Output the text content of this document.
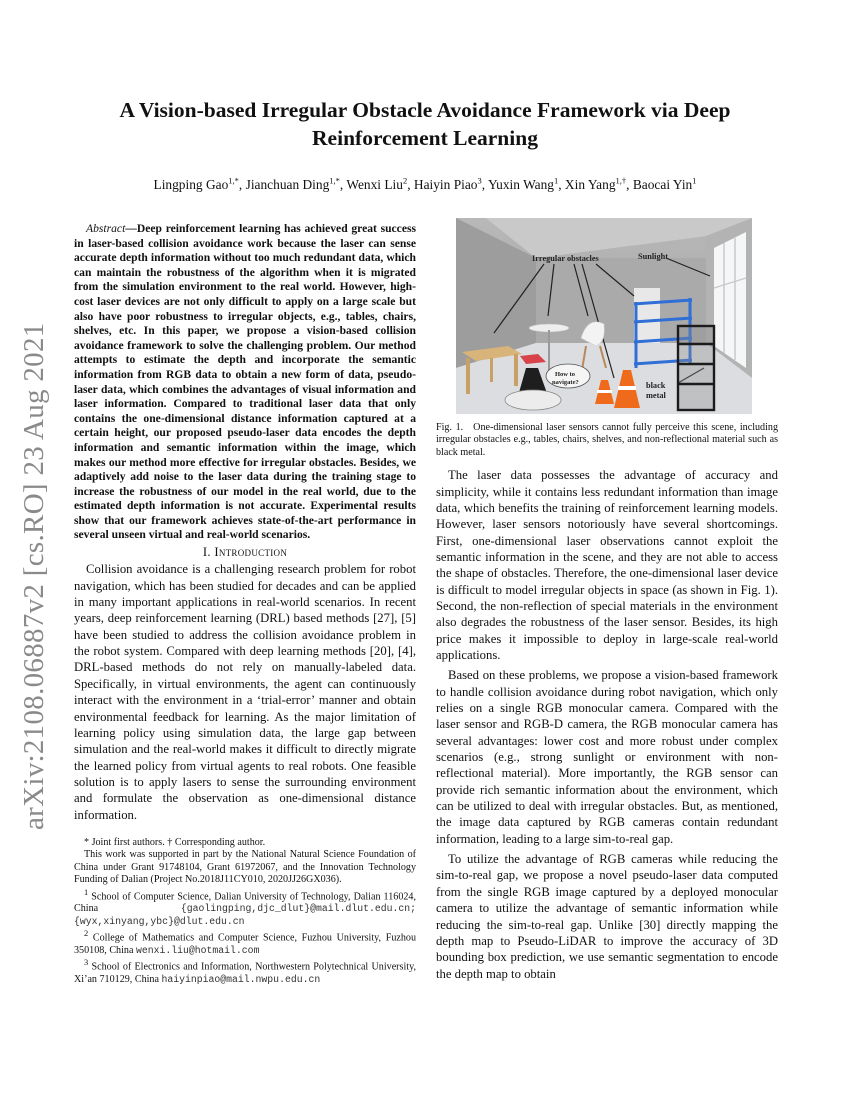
arXiv:2108.06887v2 [cs.RO] 23 Aug 2021
A Vision-based Irregular Obstacle Avoidance Framework via Deep Reinforcement Learning
Lingping Gao$^{1,*}$, Jianchuan Ding$^{1,*}$, Wenxi Liu$^2$, Haiyin Piao$^3$, Yuxin Wang$^1$, Xin Yang$^{1,\dagger}$, Baocai Yin$^1$

Abstract—Deep reinforcement learning has achieved great success in laser-based collision avoidance work because the laser can sense accurate depth information without too much redundant data, which can maintain the robustness of the algorithm when it is migrated from the simulation environment to the real world. However, high-cost laser devices are not only difficult to apply on a large scale but also have poor robustness to irregular objects, e.g., tables, chairs, shelves, etc. In this paper, we propose a vision-based collision avoidance framework to solve the challenging problem. Our method attempts to estimate the depth and incorporate the semantic information from RGB data to obtain a new form of data, pseudo-laser data, which combines the advantages of visual information and laser information. Compared to traditional laser data that only contains the one-dimensional distance information captured at a certain height, our proposed pseudo-laser data encodes the depth information and semantic information within the image, which makes our method more effective for irregular obstacles. Besides, we adaptively add noise to the laser data during the training stage to increase the robustness of our model in the real world, due to the estimated depth information is not accurate. Experimental results show that our framework achieves state-of-the-art performance in several unseen virtual and real-world scenarios.

I. Introduction

Collision avoidance is a challenging research problem for robot navigation, which has been studied for decades and can be applied in many important applications in real-world scenarios. In recent years, deep reinforcement learning (DRL) based methods [27], [5] have been studied to address the collision avoidance problem in the robot system. Compared with deep learning methods [20], [4], DRL-based methods do not rely on manually-labeled data. Specifically, in virtual environments, the agent can continuously interact with the environment in a ‘trial-error’ manner and obtain environmental feedback for learning. As the major limitation of learning policy using simulation data, the large gap between simulation and the real-world makes it difficult to directly migrate the learned policy from virtual agents to real robots. One feasible solution is to apply lasers to sense the surrounding environment and formulate the observation as one-dimensional distance information.

* Joint first authors. † Corresponding author.

This work was supported in part by the National Natural Science Foundation of China under Grant 91748104, Grant 61972067, and the Innovation Technology Funding of Dalian (Project No.2018J11CY010, 2020JJ26GX036).

$^1$ School of Computer Science, Dalian University of Technology, Dalian 116024, China	{gaolingping,djc_dlut}@mail.dlut.edu.cn; {wyx,xinyang,ybc}@dlut.edu.cn

$^2$ College of Mathematics and Computer Science, Fuzhou University, Fuzhou 350108, China wenxi.liu@hotmail.com

$^3$ School of Electronics and Information, Northwestern Polytechnical University, Xi’an 710129, China haiyinpiao@mail.nwpu.edu.cn

Irregular obstacles	Sunlight
How to
navigate?	black
metal
Fig. 1. One-dimensional laser sensors cannot fully perceive this scene, including irregular obstacles e.g., tables, chairs, shelves, and non-reflectional material such as black metal.

The laser data possesses the advantage of accuracy and simplicity, while it contains less redundant information than image data, which benefits the training of reinforcement learning models. However, laser sensors notoriously have several shortcomings. First, one-dimensional laser observations cannot exploit the semantic information in the scene, and they are not able to access the shape of obstacles. Therefore, the one-dimensional laser device is difficult to model irregular objects in space (as shown in Fig. 1). Second, the non-reflection of special materials in the environment also degrades the robustness of the laser sensor. Besides, its high price makes it impossible to deploy in large-scale real-world applications.

Based on these problems, we propose a vision-based framework to handle collision avoidance during robot navigation, which only relies on a single RGB monocular camera. Compared with the laser sensor and RGB-D camera, the RGB monocular camera has several advantages: lower cost and more robust under complex scenarios (e.g., strong sunlight or environment with non-reflectional material). More importantly, the RGB sensor can provide rich semantic information about the environment, which can be utilized to deal with irregular obstacles. But, as mentioned, the image data captured by RGB cameras contain redundant information, leading to a large sim-to-real gap.

To utilize the advantage of RGB cameras while reducing the sim-to-real gap, we propose a novel pseudo-laser data computed from the single RGB image captured by a deployed monocular camera to utilize the advantage of semantic information while reducing the sim-to-real gap. Unlike [30] directly mapping the depth map to Pseudo-LiDAR to improve the accuracy of 3D bounding box prediction, we use semantic segmentation to encode the depth map to obtain
